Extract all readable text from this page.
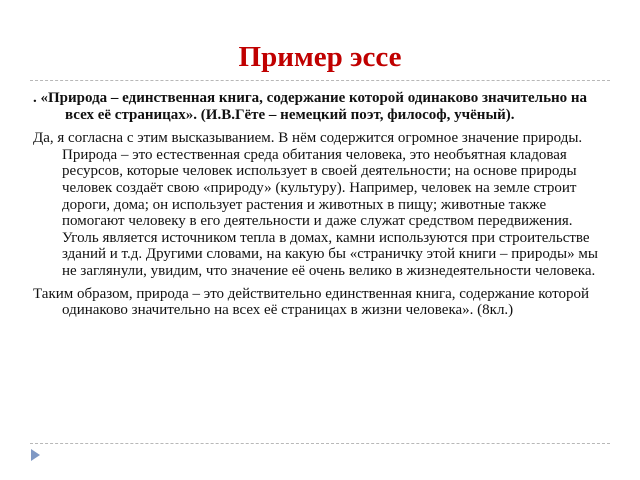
Пример эссе

. «Природа – единственная книга, содержание которой одинаково значительно на всех её страницах». (И.В.Гёте – немецкий поэт, философ, учёный).

Да, я согласна с этим высказыванием. В нём содержится огромное значение природы. Природа – это естественная среда обитания человека, это необъятная кладовая ресурсов, которые человек использует в своей деятельности; на основе природы человек создаёт свою «природу» (культуру). Например, человек на земле строит дороги, дома; он использует растения и животных в пищу; животные также помогают человеку в его деятельности и даже служат средством передвижения. Уголь является источником тепла в домах, камни используются при строительстве зданий и т.д. Другими словами, на какую бы «страничку этой книги – природы» мы не заглянули, увидим, что значение её очень велико в жизнедеятельности человека.

Таким образом, природа – это действительно единственная книга, содержание которой одинаково значительно на всех её страницах в жизни человека». (8кл.)
